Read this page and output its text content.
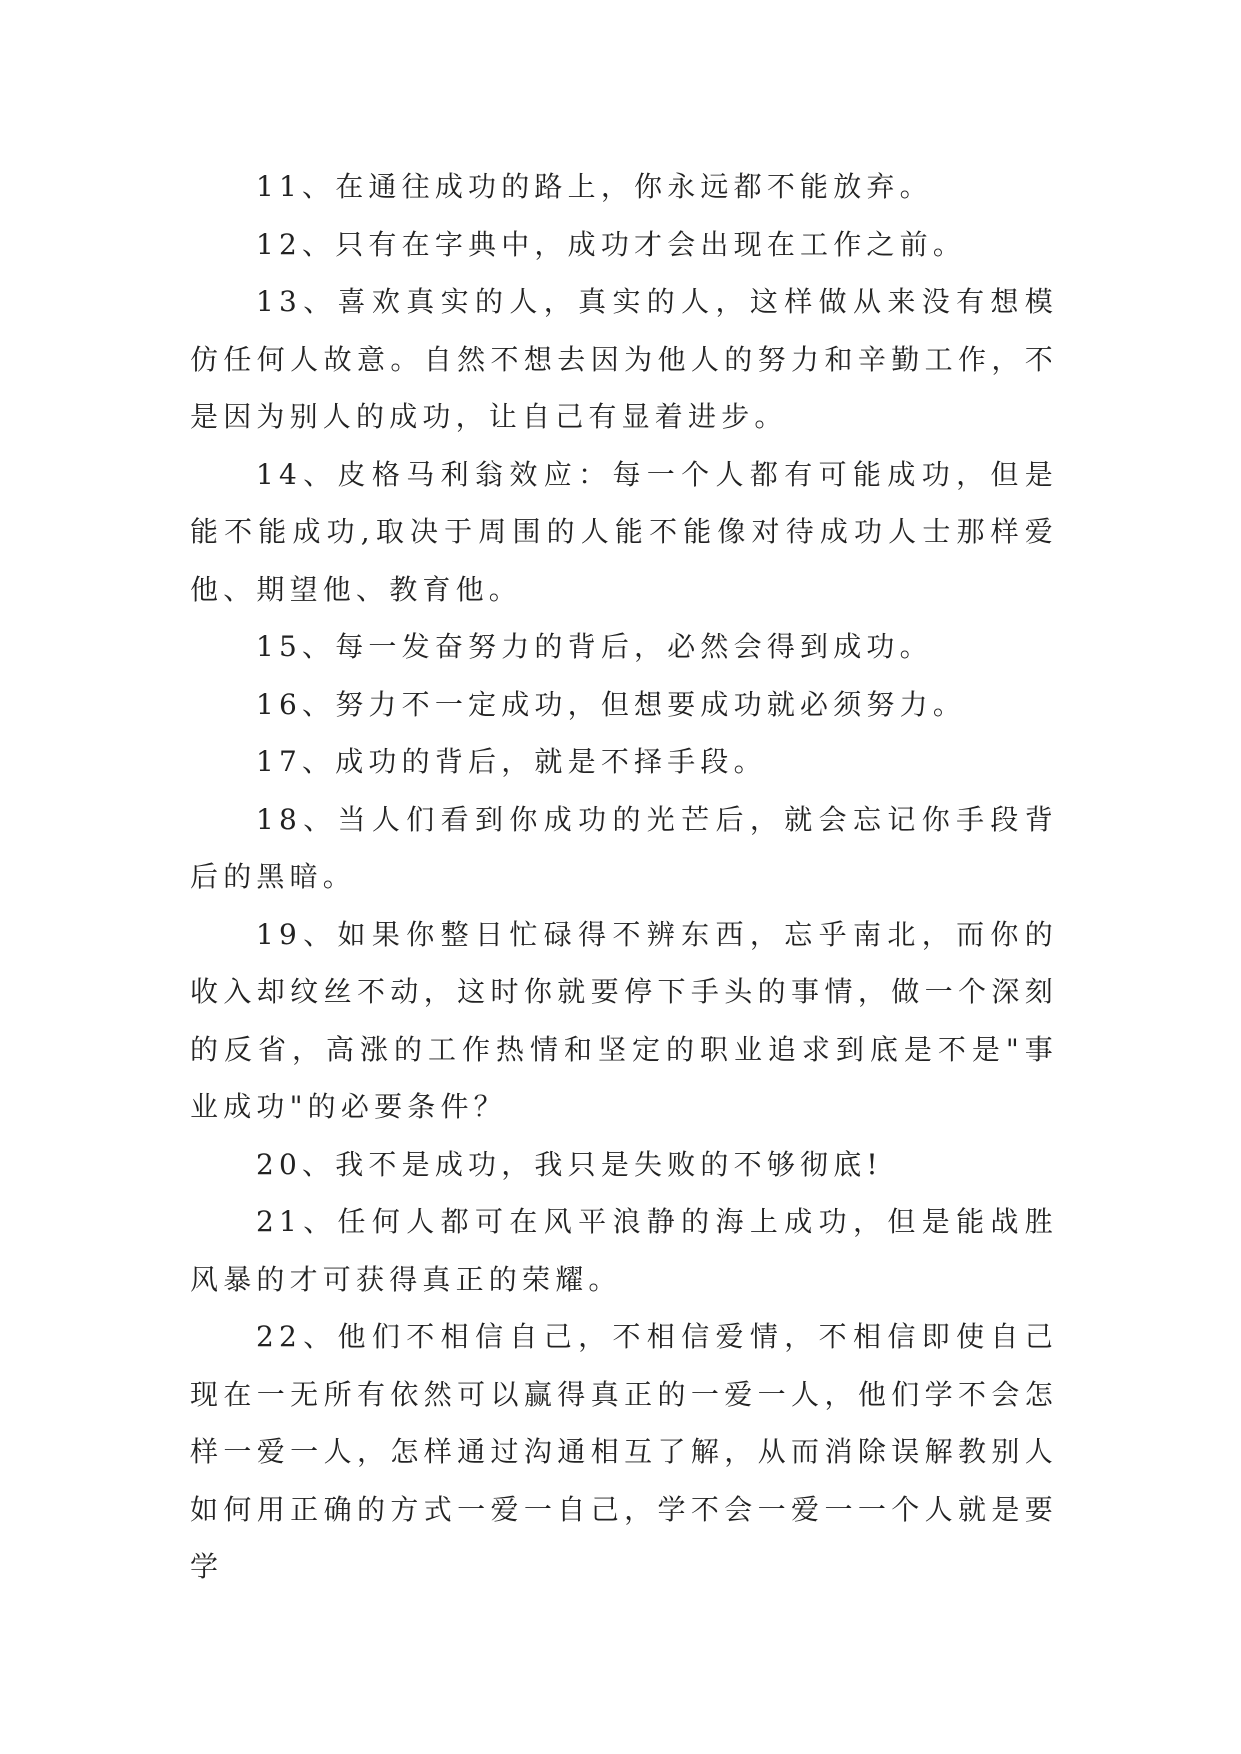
11、在通往成功的路上，你永远都不能放弃。

12、只有在字典中，成功才会出现在工作之前。

13、喜欢真实的人，真实的人，这样做从来没有想模仿任何人故意。自然不想去因为他人的努力和辛勤工作，不是因为别人的成功，让自己有显着进步。

14、皮格马利翁效应：每一个人都有可能成功，但是能不能成功,取决于周围的人能不能像对待成功人士那样爱他、期望他、教育他。

15、每一发奋努力的背后，必然会得到成功。

16、努力不一定成功，但想要成功就必须努力。

17、成功的背后，就是不择手段。

18、当人们看到你成功的光芒后，就会忘记你手段背后的黑暗。

19、如果你整日忙碌得不辨东西，忘乎南北，而你的收入却纹丝不动，这时你就要停下手头的事情，做一个深刻的反省，高涨的工作热情和坚定的职业追求到底是不是"事业成功"的必要条件？

20、我不是成功，我只是失败的不够彻底!

21、任何人都可在风平浪静的海上成功，但是能战胜风暴的才可获得真正的荣耀。

22、他们不相信自己，不相信爱情，不相信即使自己现在一无所有依然可以赢得真正的一爱一人，他们学不会怎样一爱一人，怎样通过沟通相互了解，从而消除误解教别人如何用正确的方式一爱一自己，学不会一爱一一个人就是要学
